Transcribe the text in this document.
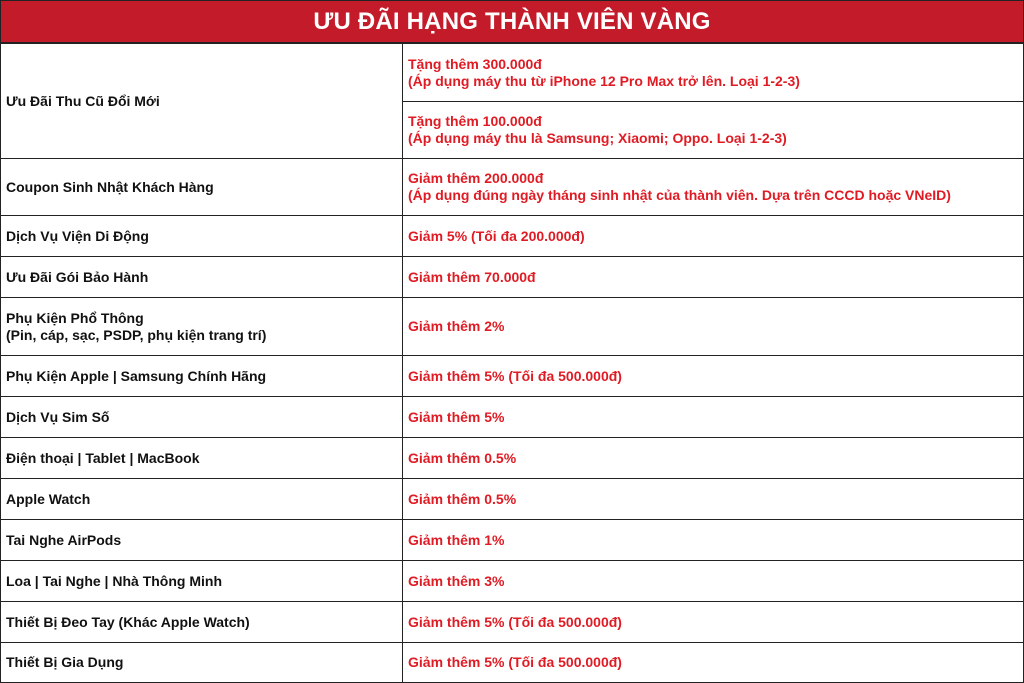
ƯU ĐÃI HẠNG THÀNH VIÊN VÀNG
Ưu Đãi Thu Cũ Đổi Mới	Tặng thêm 300.000đ
(Áp dụng máy thu từ iPhone 12 Pro Max trở lên. Loại 1-2-3)

	Tặng thêm 100.000đ
(Áp dụng máy thu là Samsung; Xiaomi; Oppo. Loại 1-2-3)

Coupon Sinh Nhật Khách Hàng	Giảm thêm 200.000đ
(Áp dụng đúng ngày tháng sinh nhật của thành viên. Dựa trên CCCD hoặc VNeID)

Dịch Vụ Viện Di Động	Giảm 5% (Tối đa 200.000đ)

Ưu Đãi Gói Bảo Hành	Giảm thêm 70.000đ

Phụ Kiện Phổ Thông
(Pin, cáp, sạc, PSDP, phụ kiện trang trí)	Giảm thêm 2%

Phụ Kiện Apple | Samsung Chính Hãng	Giảm thêm 5% (Tối đa 500.000đ)

Dịch Vụ Sim Số	Giảm thêm 5%

Điện thoại | Tablet | MacBook	Giảm thêm 0.5%

Apple Watch	Giảm thêm 0.5%

Tai Nghe AirPods	Giảm thêm 1%

Loa | Tai Nghe | Nhà Thông Minh	Giảm thêm 3%

Thiết Bị Đeo Tay (Khác Apple Watch)	Giảm thêm 5% (Tối đa 500.000đ)

Thiết Bị Gia Dụng	Giảm thêm 5% (Tối đa 500.000đ)
